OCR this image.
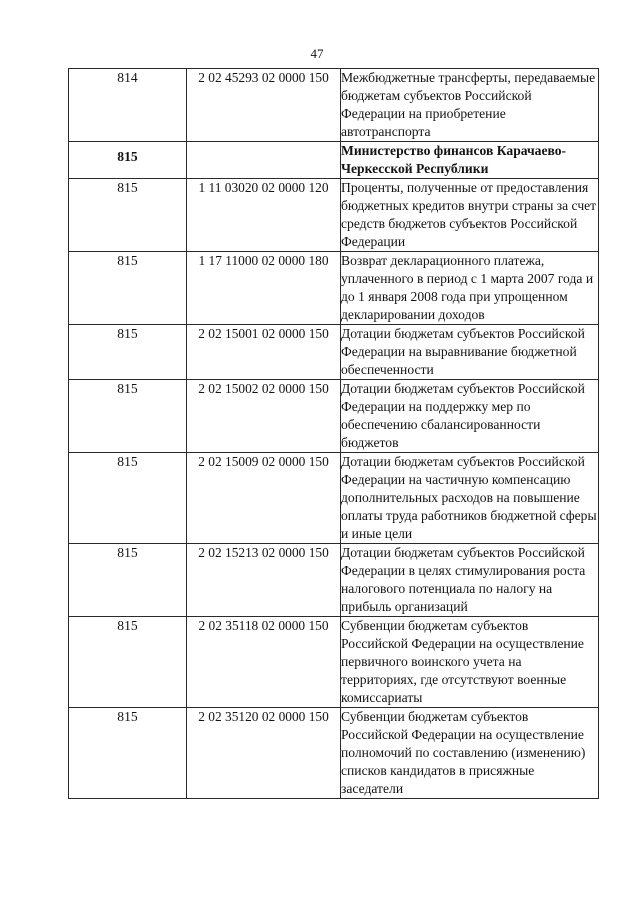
47
814	2 02 45293 02 0000 150	Межбюджетные трансферты, передаваемые бюджетам субъектов Российской Федерации на приобретение автотранспорта
815		Министерство финансов Карачаево-Черкесской Республики
815	1 11 03020 02 0000 120	Проценты, полученные от предоставления бюджетных кредитов внутри страны за счет средств бюджетов субъектов Российской Федерации
815	1 17 11000 02 0000 180	Возврат декларационного платежа, уплаченного в период с 1 марта 2007 года и до 1 января 2008 года при упрощенном декларировании доходов
815	2 02 15001 02 0000 150	Дотации бюджетам субъектов Российской Федерации на выравнивание бюджетной обеспеченности
815	2 02 15002 02 0000 150	Дотации бюджетам субъектов Российской Федерации на поддержку мер по обеспечению сбалансированности бюджетов
815	2 02 15009 02 0000 150	Дотации бюджетам субъектов Российской Федерации на частичную компенсацию дополнительных расходов на повышение оплаты труда работников бюджетной сферы и иные цели
815	2 02 15213 02 0000 150	Дотации бюджетам субъектов Российской Федерации в целях стимулирования роста налогового потенциала по налогу на прибыль организаций
815	2 02 35118 02 0000 150	Субвенции бюджетам субъектов Российской Федерации на осуществление первичного воинского учета на территориях, где отсутствуют военные комиссариаты
815	2 02 35120 02 0000 150	Субвенции бюджетам субъектов Российской Федерации на осуществление полномочий по составлению (изменению) списков кандидатов в присяжные заседатели
